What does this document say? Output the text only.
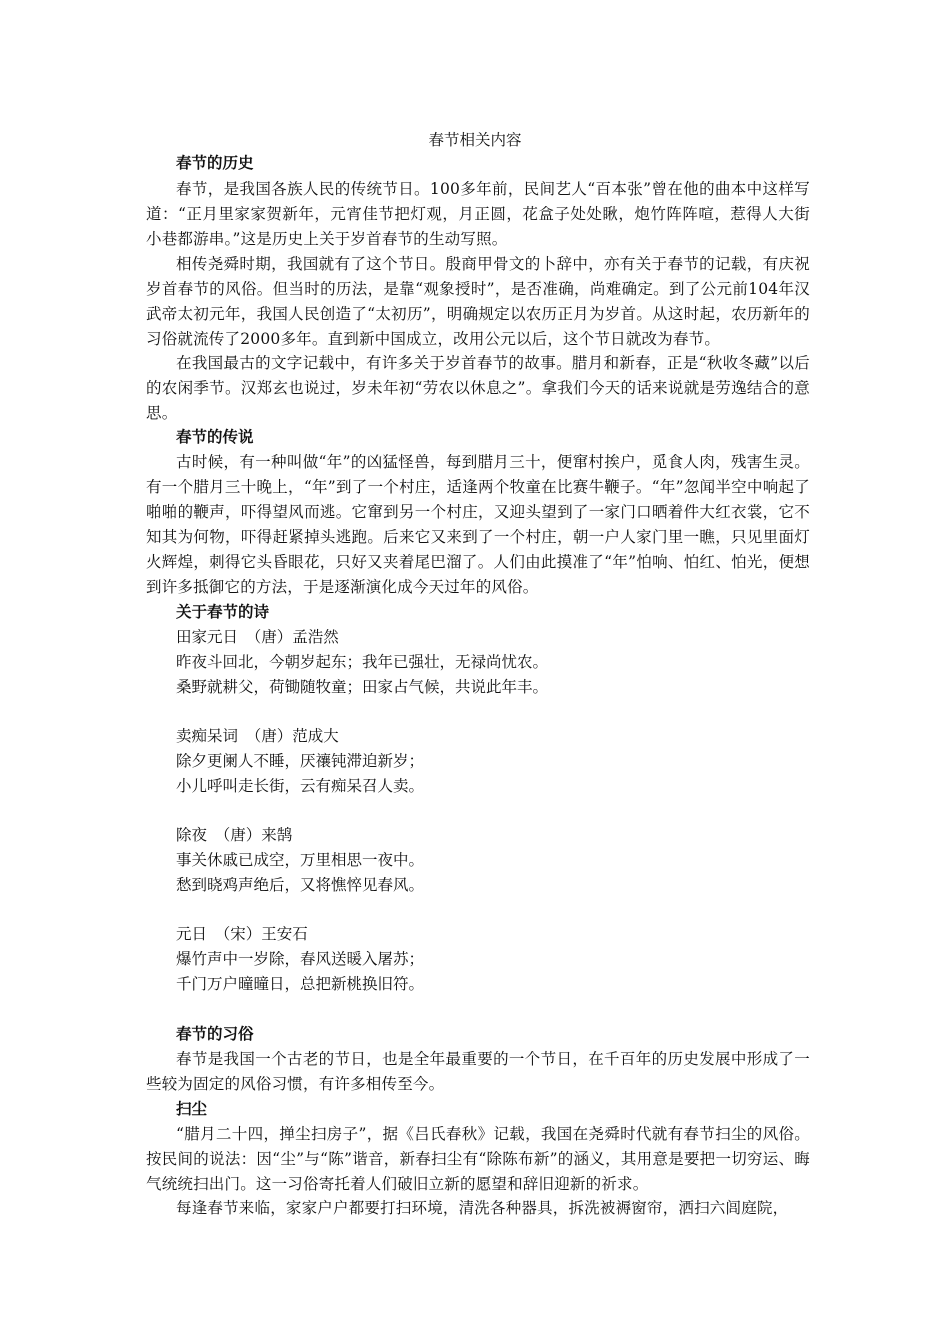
春节相关内容
春节的历史
春节，是我国各族人民的传统节日。100多年前，民间艺人“百本张”曾在他的曲本中这样写道：“正月里家家贺新年，元宵佳节把灯观，月正圆，花盒子处处瞅，炮竹阵阵喧，惹得人大街小巷都游串。”这是历史上关于岁首春节的生动写照。
相传尧舜时期，我国就有了这个节日。殷商甲骨文的卜辞中，亦有关于春节的记载，有庆祝岁首春节的风俗。但当时的历法，是靠“观象授时”，是否准确，尚难确定。到了公元前104年汉武帝太初元年，我国人民创造了“太初历”，明确规定以农历正月为岁首。从这时起，农历新年的习俗就流传了2000多年。直到新中国成立，改用公元以后，这个节日就改为春节。
在我国最古的文字记载中，有许多关于岁首春节的故事。腊月和新春，正是“秋收冬藏”以后的农闲季节。汉郑玄也说过，岁未年初“劳农以休息之”。拿我们今天的话来说就是劳逸结合的意思。
春节的传说
古时候，有一种叫做“年”的凶猛怪兽，每到腊月三十，便窜村挨户，觅食人肉，残害生灵。有一个腊月三十晚上，“年”到了一个村庄，适逢两个牧童在比赛牛鞭子。“年”忽闻半空中响起了啪啪的鞭声，吓得望风而逃。它窜到另一个村庄，又迎头望到了一家门口晒着件大红衣裳，它不知其为何物，吓得赶紧掉头逃跑。后来它又来到了一个村庄，朝一户人家门里一瞧，只见里面灯火辉煌，刺得它头昏眼花，只好又夹着尾巴溜了。人们由此摸准了“年”怕响、怕红、怕光，便想到许多抵御它的方法，于是逐渐演化成今天过年的风俗。
关于春节的诗
田家元日　（唐）孟浩然
昨夜斗回北，今朝岁起东；我年已强壮，无禄尚忧农。
桑野就耕父，荷锄随牧童；田家占气候，共说此年丰。
卖痴呆词　（唐）范成大
除夕更阑人不睡，厌禳钝滞迫新岁；
小儿呼叫走长街，云有痴呆召人卖。
除夜　（唐）来鹄
事关休戚已成空，万里相思一夜中。
愁到晓鸡声绝后，又将憔悴见春风。
元日　（宋）王安石
爆竹声中一岁除，春风送暖入屠苏；
千门万户曈曈日，总把新桃换旧符。
春节的习俗
春节是我国一个古老的节日，也是全年最重要的一个节日，在千百年的历史发展中形成了一些较为固定的风俗习惯，有许多相传至今。
扫尘
“腊月二十四，掸尘扫房子”，据《吕氏春秋》记载，我国在尧舜时代就有春节扫尘的风俗。按民间的说法：因“尘”与“陈”谐音，新春扫尘有“除陈布新”的涵义，其用意是要把一切穷运、晦气统统扫出门。这一习俗寄托着人们破旧立新的愿望和辞旧迎新的祈求。
每逢春节来临，家家户户都要打扫环境，清洗各种器具，拆洗被褥窗帘，洒扫六闾庭院，
